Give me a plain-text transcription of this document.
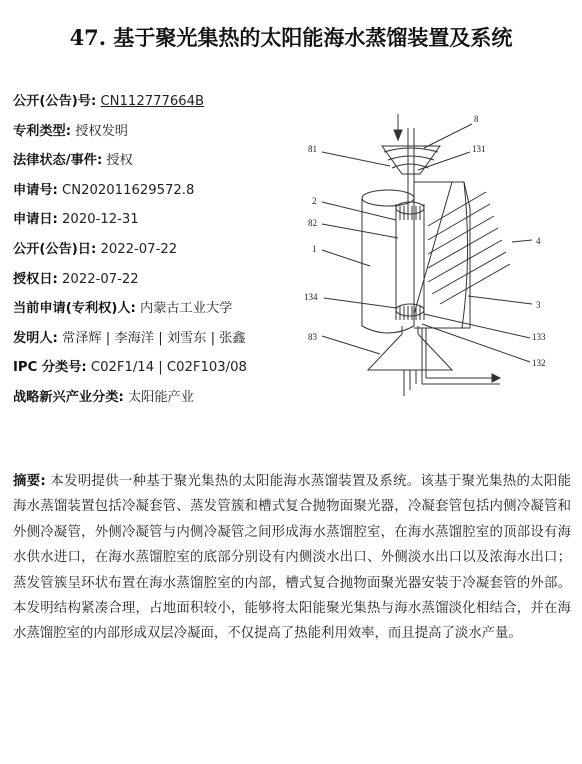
47. 基于聚光集热的太阳能海水蒸馏装置及系统
公开(公告)号: CN112777664B
专利类型: 授权发明
法律状态/事件: 授权
申请号: CN202011629572.8
申请日: 2020-12-31
公开(公告)日: 2022-07-22
授权日: 2022-07-22
当前申请(专利权)人: 内蒙古工业大学
发明人: 常泽辉 | 李海洋 | 刘雪东 | 张鑫
IPC 分类号: C02F1/14 | C02F103/08
战略新兴产业分类: 太阳能产业
8
81	131
2
82
1
4
134
3
83	133
132
摘要: 本发明提供一种基于聚光集热的太阳能海水蒸馏装置及系统。该基于聚光集热的太阳能海水蒸馏装置包括冷凝套管、蒸发管簇和槽式复合抛物面聚光器，冷凝套管包括内侧冷凝管和外侧冷凝管，外侧冷凝管与内侧冷凝管之间形成海水蒸馏腔室，在海水蒸馏腔室的顶部设有海水供水进口，在海水蒸馏腔室的底部分别设有内侧淡水出口、外侧淡水出口以及浓海水出口；蒸发管簇呈环状布置在海水蒸馏腔室的内部，槽式复合抛物面聚光器安装于冷凝套管的外部。本发明结构紧凑合理，占地面积较小，能够将太阳能聚光集热与海水蒸馏淡化相结合，并在海水蒸馏腔室的内部形成双层冷凝面，不仅提高了热能利用效率，而且提高了淡水产量。
